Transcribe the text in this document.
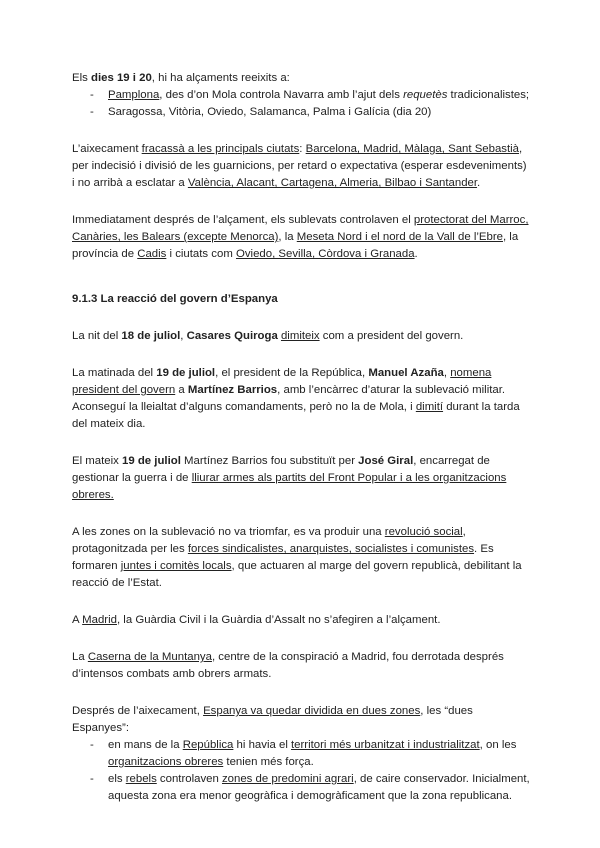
Els dies 19 i 20, hi ha alçaments reeixits a:

- Pamplona, des d’on Mola controla Navarra amb l’ajut dels requetès tradicionalistes;
- Saragossa, Vitòria, Oviedo, Salamanca, Palma i Galícia (dia 20)

L’aixecament fracassà a les principals ciutats: Barcelona, Madrid, Màlaga, Sant Sebastià, per indecisió i divisió de les guarnicions, per retard o expectativa (esperar esdeveniments) i no arribà a esclatar a València, Alacant, Cartagena, Almeria, Bilbao i Santander.

Immediatament després de l’alçament, els sublevats controlaven el protectorat del Marroc, Canàries, les Balears (excepte Menorca), la Meseta Nord i el nord de la Vall de l’Ebre, la província de Cadis i ciutats com Oviedo, Sevilla, Còrdova i Granada.

9.1.3 La reacció del govern d’Espanya

La nit del 18 de juliol, Casares Quiroga dimiteix com a president del govern.

La matinada del 19 de juliol, el president de la República, Manuel Azaña, nomena president del govern a Martínez Barrios, amb l’encàrrec d’aturar la sublevació militar. Aconseguí la lleialtat d’alguns comandaments, però no la de Mola, i dimití durant la tarda del mateix dia.

El mateix 19 de juliol Martínez Barrios fou substituït per José Giral, encarregat de gestionar la guerra i de lliurar armes als partits del Front Popular i a les organitzacions obreres.

A les zones on la sublevació no va triomfar, es va produir una revolució social, protagonitzada per les forces sindicalistes, anarquistes, socialistes i comunistes. Es formaren juntes i comitès locals, que actuaren al marge del govern republicà, debilitant la reacció de l’Estat.

A Madrid, la Guàrdia Civil i la Guàrdia d’Assalt no s’afegiren a l’alçament.

La Caserna de la Muntanya, centre de la conspiració a Madrid, fou derrotada després d’intensos combats amb obrers armats.

Després de l’aixecament, Espanya va quedar dividida en dues zones, les “dues Espanyes”:

- en mans de la República hi havia el territori més urbanitzat i industrialitzat, on les organitzacions obreres tenien més força.
- els rebels controlaven zones de predomini agrari, de caire conservador. Inicialment, aquesta zona era menor geogràfica i demogràficament que la zona republicana.
